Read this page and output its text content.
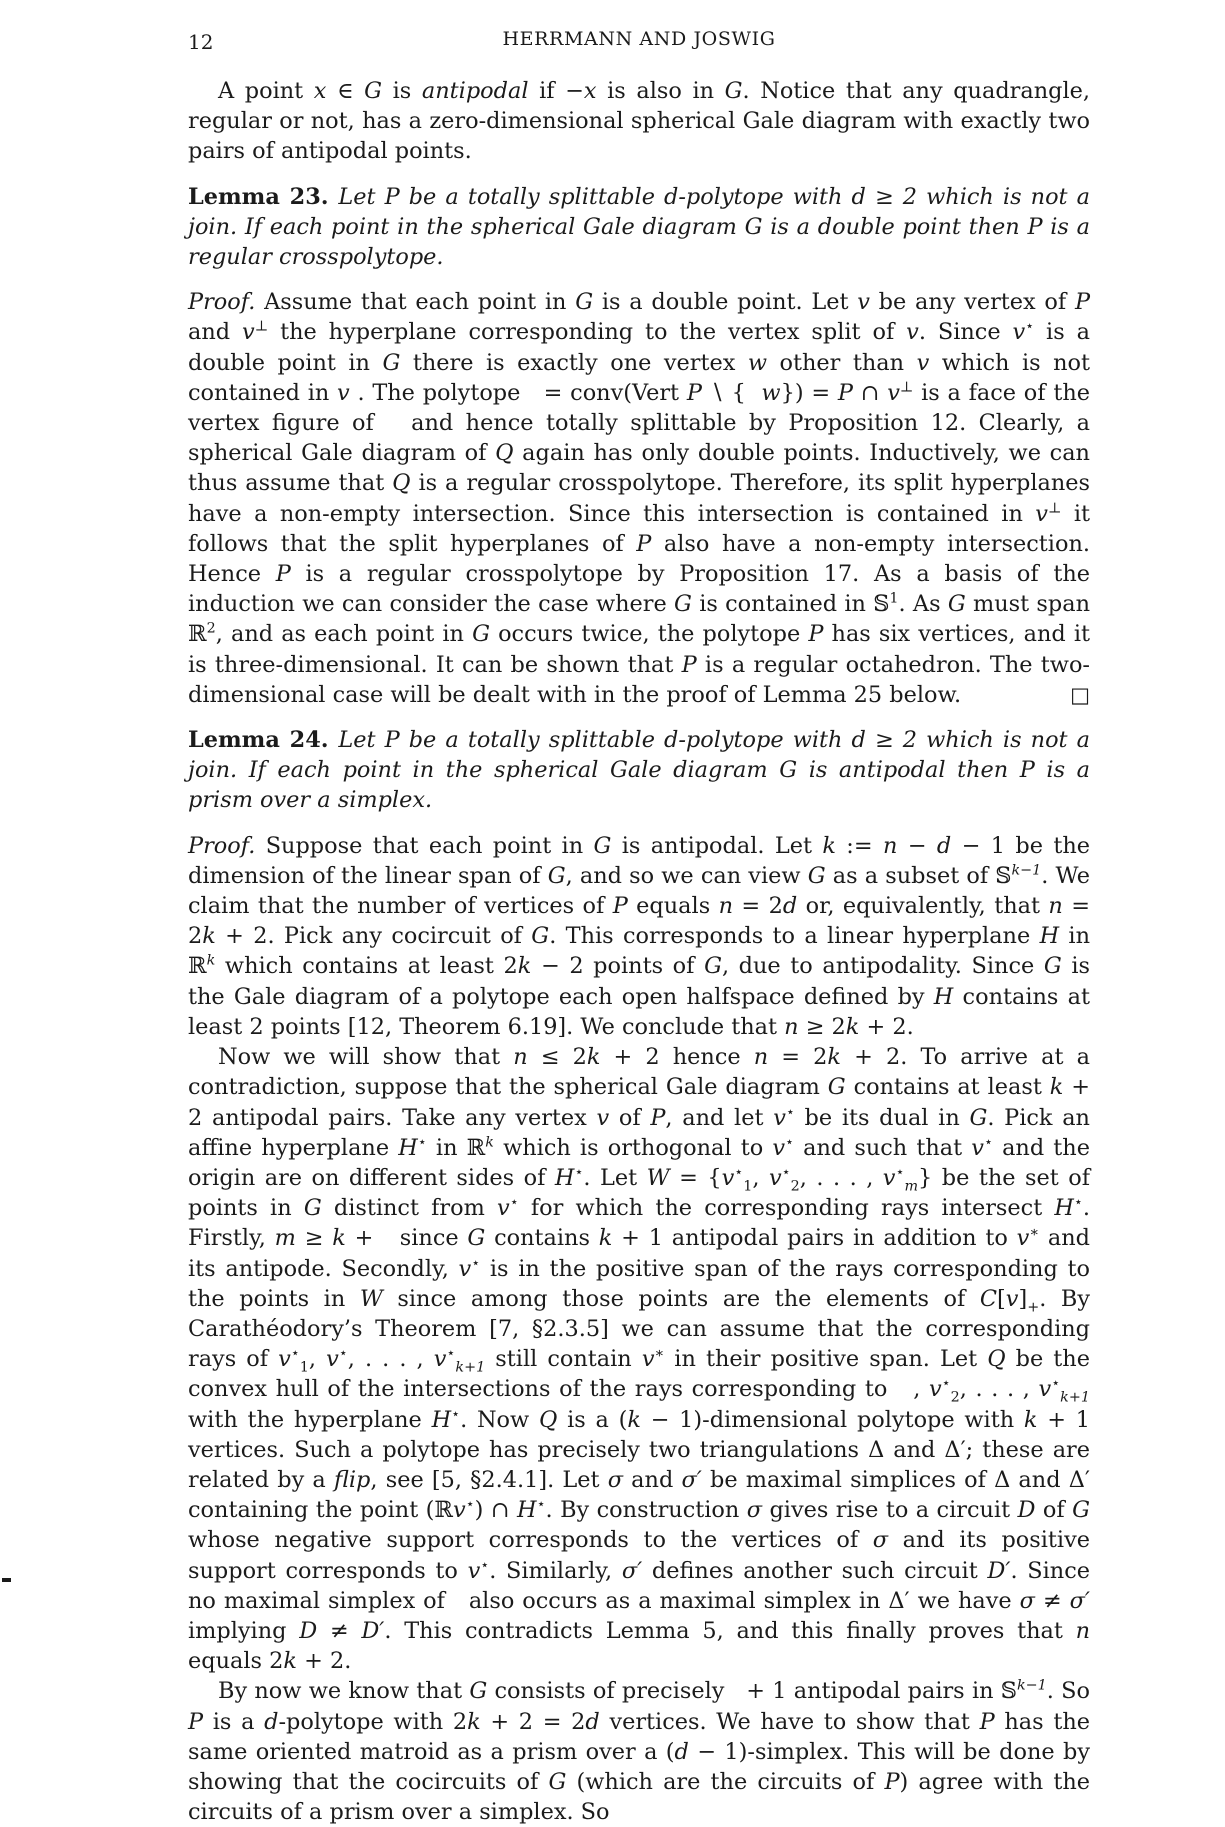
12	HERRMANN AND JOSWIG

A point x ∈ G is antipodal if −x is also in G. Notice that any quadrangle, regular or not, has a zero-dimensional spherical Gale diagram with exactly two pairs of antipodal points.

Lemma 23. Let P be a totally splittable d-polytope with d ≥ 2 which is not a join. If each point in the spherical Gale diagram G is a double point then P is a regular crosspolytope.

Proof. Assume that each point in G is a double point. Let v be any vertex of P and v⊥ the hyperplane corresponding to the vertex split of v. Since v⋆ is a double point in G there is exactly one vertex w other than v which is not contained in v . The polytope   = conv(Vert P ∖ {  w}) = P ∩ v⊥ is a face of the vertex figure of   and hence totally splittable by Proposition 12. Clearly, a spherical Gale diagram of Q again has only double points. Inductively, we can thus assume that Q is a regular crosspolytope. Therefore, its split hyperplanes have a non-empty intersection. Since this intersection is contained in v⊥ it follows that the split hyperplanes of P also have a non-empty intersection. Hence P is a regular crosspolytope by Proposition 17. As a basis of the induction we can consider the case where G is contained in 𝕊$^1$. As G must span ℝ$^2$, and as each point in G occurs twice, the polytope P has six vertices, and it is three-dimensional. It can be shown that P is a regular octahedron. The two-dimensional case will be dealt with in the proof of Lemma 25 below.	□

Lemma 24. Let P be a totally splittable d-polytope with d ≥ 2 which is not a join. If each point in the spherical Gale diagram G is antipodal then P is a prism over a simplex.

Proof. Suppose that each point in G is antipodal. Let k := n − d − 1 be the dimension of the linear span of G, and so we can view G as a subset of 𝕊$^{k-1}$. We claim that the number of vertices of P equals n = 2d or, equivalently, that n = 2k + 2. Pick any cocircuit of G. This corresponds to a linear hyperplane H in ℝ$^k$ which contains at least 2k − 2 points of G, due to antipodality. Since G is the Gale diagram of a polytope each open halfspace defined by H contains at least 2 points [12, Theorem 6.19]. We conclude that n ≥ 2k + 2.

Now we will show that n ≤ 2k + 2 hence n = 2k + 2. To arrive at a contradiction, suppose that the spherical Gale diagram G contains at least k + 2 antipodal pairs. Take any vertex v of P, and let v⋆ be its dual in G. Pick an affine hyperplane H⋆ in ℝ$^k$ which is orthogonal to v⋆ and such that v⋆ and the origin are on different sides of H⋆. Let $W = \{v^⋆_1$, $v^⋆_2$, . . . , $v^⋆_m$} be the set of points in G distinct from v⋆ for which the corresponding rays intersect H⋆. Firstly, m ≥ k +   since G contains k + 1 antipodal pairs in addition to v∗ and its antipode. Secondly, v⋆ is in the positive span of the rays corresponding to the points in W since among those points are the elements of $C[v]_+$. By Carathéodory’s Theorem [7, §2.3.5] we can assume that the corresponding rays of $v^⋆_1$, v⋆, . . . , $v^⋆_{k+1}$ still contain v∗ in their positive span. Let Q be the convex hull of the intersections of the rays corresponding to   , $v^⋆_2$, . . . , $v^⋆_{k+1}$ with the hyperplane H⋆. Now Q is a (k − 1)-dimensional polytope with k + 1 vertices. Such a polytope has precisely two triangulations Δ and Δ′; these are related by a flip, see [5, §2.4.1]. Let σ and σ′ be maximal simplices of Δ and Δ′ containing the point (ℝv⋆) ∩ H⋆. By construction σ gives rise to a circuit D of G whose negative support corresponds to the vertices of σ and its positive support corresponds to v⋆. Similarly, σ′ defines another such circuit D′. Since no maximal simplex of   also occurs as a maximal simplex in Δ′ we have σ ≠ σ′ implying D ≠ D′. This contradicts Lemma 5, and this finally proves that n equals 2k + 2.

By now we know that G consists of precisely   + 1 antipodal pairs in 𝕊$^{k-1}$. So P is a d-polytope with 2k + 2 = 2d vertices. We have to show that P has the same oriented matroid as a prism over a (d − 1)-simplex. This will be done by showing that the cocircuits of G (which are the circuits of P) agree with the circuits of a prism over a simplex. So
